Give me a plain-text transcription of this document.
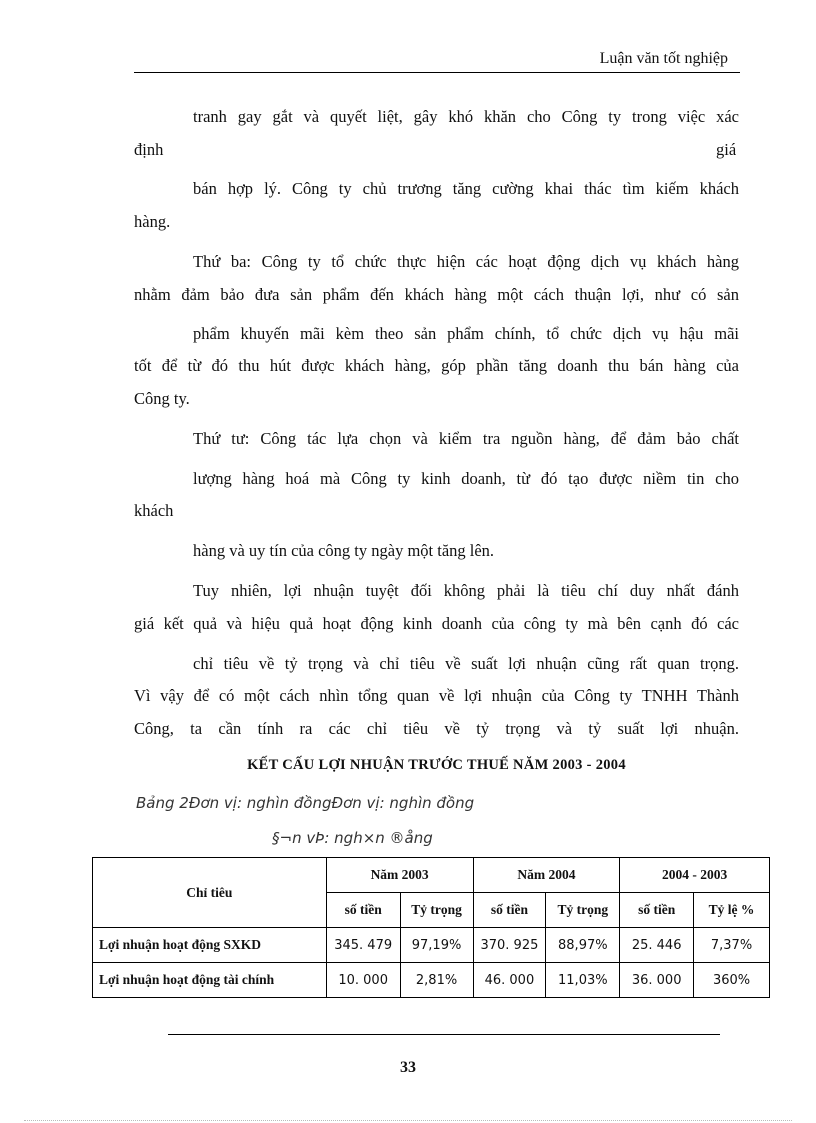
Luận văn tốt nghiệp
tranh gay gắt và quyết liệt, gây khó khăn cho Công ty trong việc xác
định	giá
bán hợp lý. Công ty chủ trương tăng cường khai thác tìm kiếm khách
hàng.
Thứ ba: Công ty tổ chức thực hiện các hoạt động dịch vụ khách hàng
nhằm đảm bảo đưa sản phẩm đến khách hàng một cách thuận lợi, như có sản
phẩm khuyến mãi kèm theo sản phẩm chính, tổ chức dịch vụ hậu mãi
tốt để từ đó thu hút được khách hàng, góp phần tăng doanh thu bán hàng của
Công ty.
Thứ tư: Công tác lựa chọn và kiểm tra nguồn hàng, để đảm bảo chất
lượng hàng hoá mà Công ty kinh doanh, từ đó tạo được niềm tin cho
khách
hàng và uy tín của công ty ngày một tăng lên.
Tuy nhiên, lợi nhuận tuyệt đối không phải là tiêu chí duy nhất đánh
giá kết quả và hiệu quả hoạt động kinh doanh của công ty mà bên cạnh đó các
chỉ tiêu về tỷ trọng và chỉ tiêu về suất lợi nhuận cũng rất quan trọng.
Vì vậy để có một cách nhìn tổng quan về lợi nhuận của Công ty TNHH Thành
Công, ta cần tính ra các chỉ tiêu về tỷ trọng và tỷ suất lợi nhuận.
KẾT CẤU LỢI NHUẬN TRƯỚC THUẾ NĂM 2003 - 2004
Bảng 2Đơn vị: nghìn đồngĐơn vị: nghìn đồng
§¬n vÞ: ngh×n ®ång
Chỉ tiêu	Năm 2003		Năm 2004		2004 - 2003	
	số tiền	Tỷ trọng	số tiền	Tỷ trọng	số tiền	Tỷ lệ %
Lợi nhuận hoạt động SXKD	345. 479	97,19%	370. 925	88,97%	25. 446	7,37%
Lợi nhuận hoạt động tài chính	10. 000	2,81%	46. 000	11,03%	36. 000	360%
33
